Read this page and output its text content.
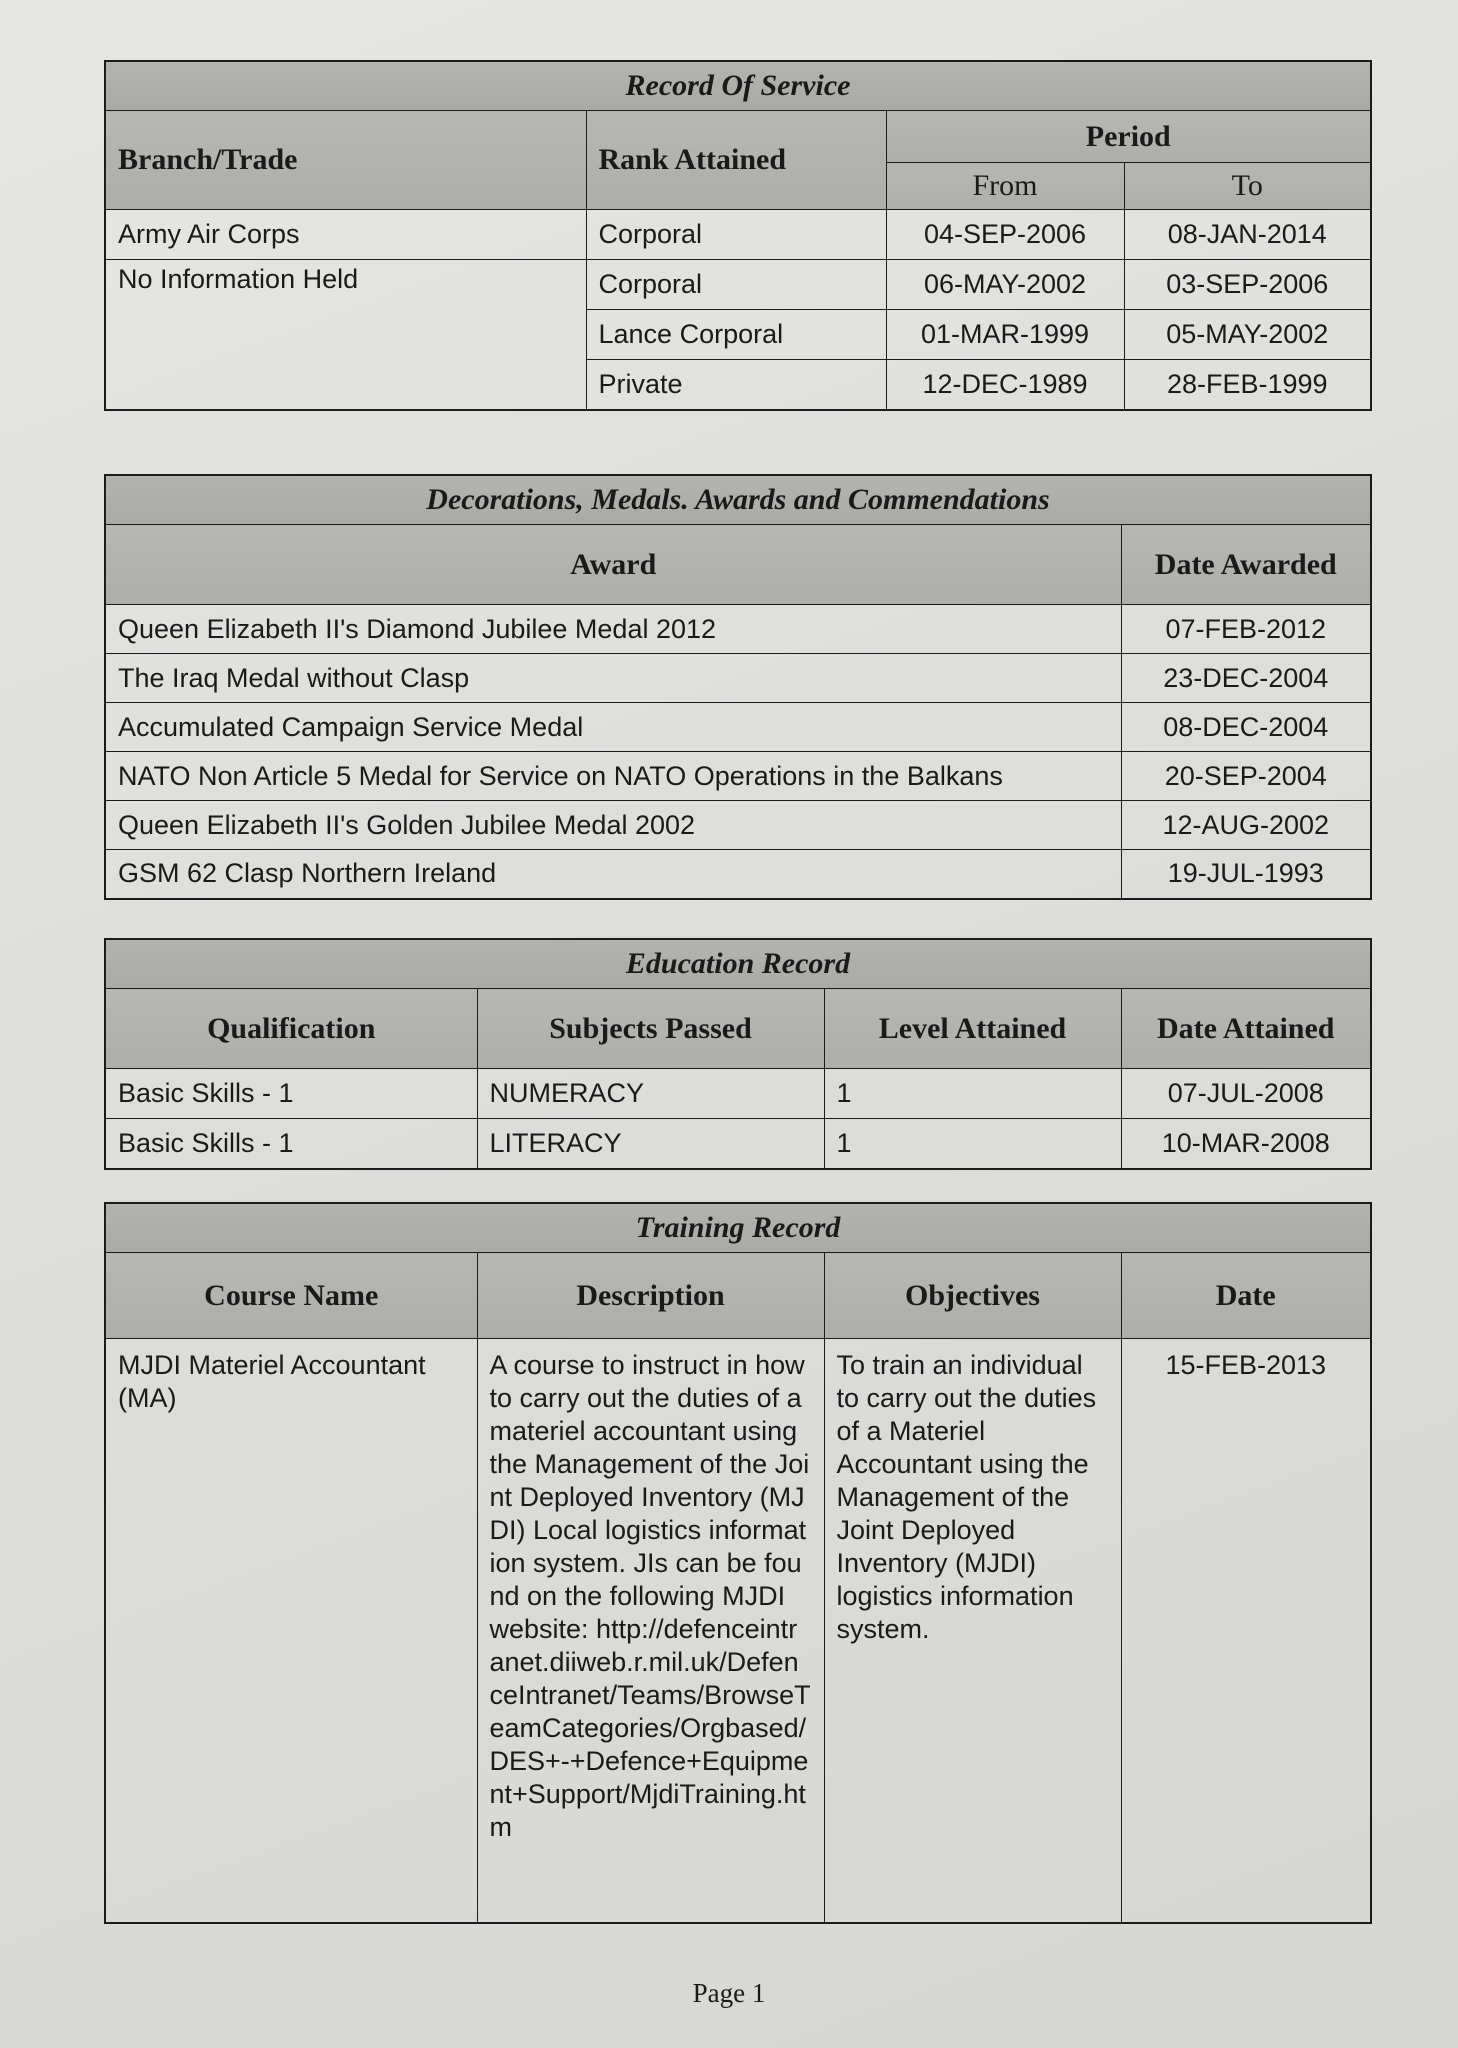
Record Of Service			
Branch/Trade	Rank Attained	Period	
		From	To
Army Air Corps	Corporal	04-SEP-2006	08-JAN-2014
No Information Held	Corporal	06-MAY-2002	03-SEP-2006
	Lance Corporal	01-MAR-1999	05-MAY-2002
	Private	12-DEC-1989	28-FEB-1999
Decorations, Medals. Awards and Commendations	
Award	Date Awarded
Queen Elizabeth II's Diamond Jubilee Medal 2012	07-FEB-2012
The Iraq Medal without Clasp	23-DEC-2004
Accumulated Campaign Service Medal	08-DEC-2004
NATO Non Article 5 Medal for Service on NATO Operations in the Balkans	20-SEP-2004
Queen Elizabeth II's Golden Jubilee Medal 2002	12-AUG-2002
GSM 62 Clasp Northern Ireland	19-JUL-1993
Education Record			
Qualification	Subjects Passed	Level Attained	Date Attained
Basic Skills - 1	NUMERACY	1	07-JUL-2008
Basic Skills - 1	LITERACY	1	10-MAR-2008
Training Record			
Course Name	Description	Objectives	Date
MJDI Materiel Accountant (MA)	A course to instruct in how to carry out the duties of a materiel accountant using the Management of the Joint Deployed Inventory (MJDI) Local logistics information system. JIs can be found on the following MJDI website: http://defenceintranet.diiweb.r.mil.uk/DefenceIntranet/Teams/BrowseTeamCategories/Orgbased/DES+-+Defence+Equipment+Support/MjdiTraining.htm	To train an individual to carry out the duties of a Materiel Accountant using the Management of the Joint Deployed Inventory (MJDI) logistics information system.	15-FEB-2013
Page 1
